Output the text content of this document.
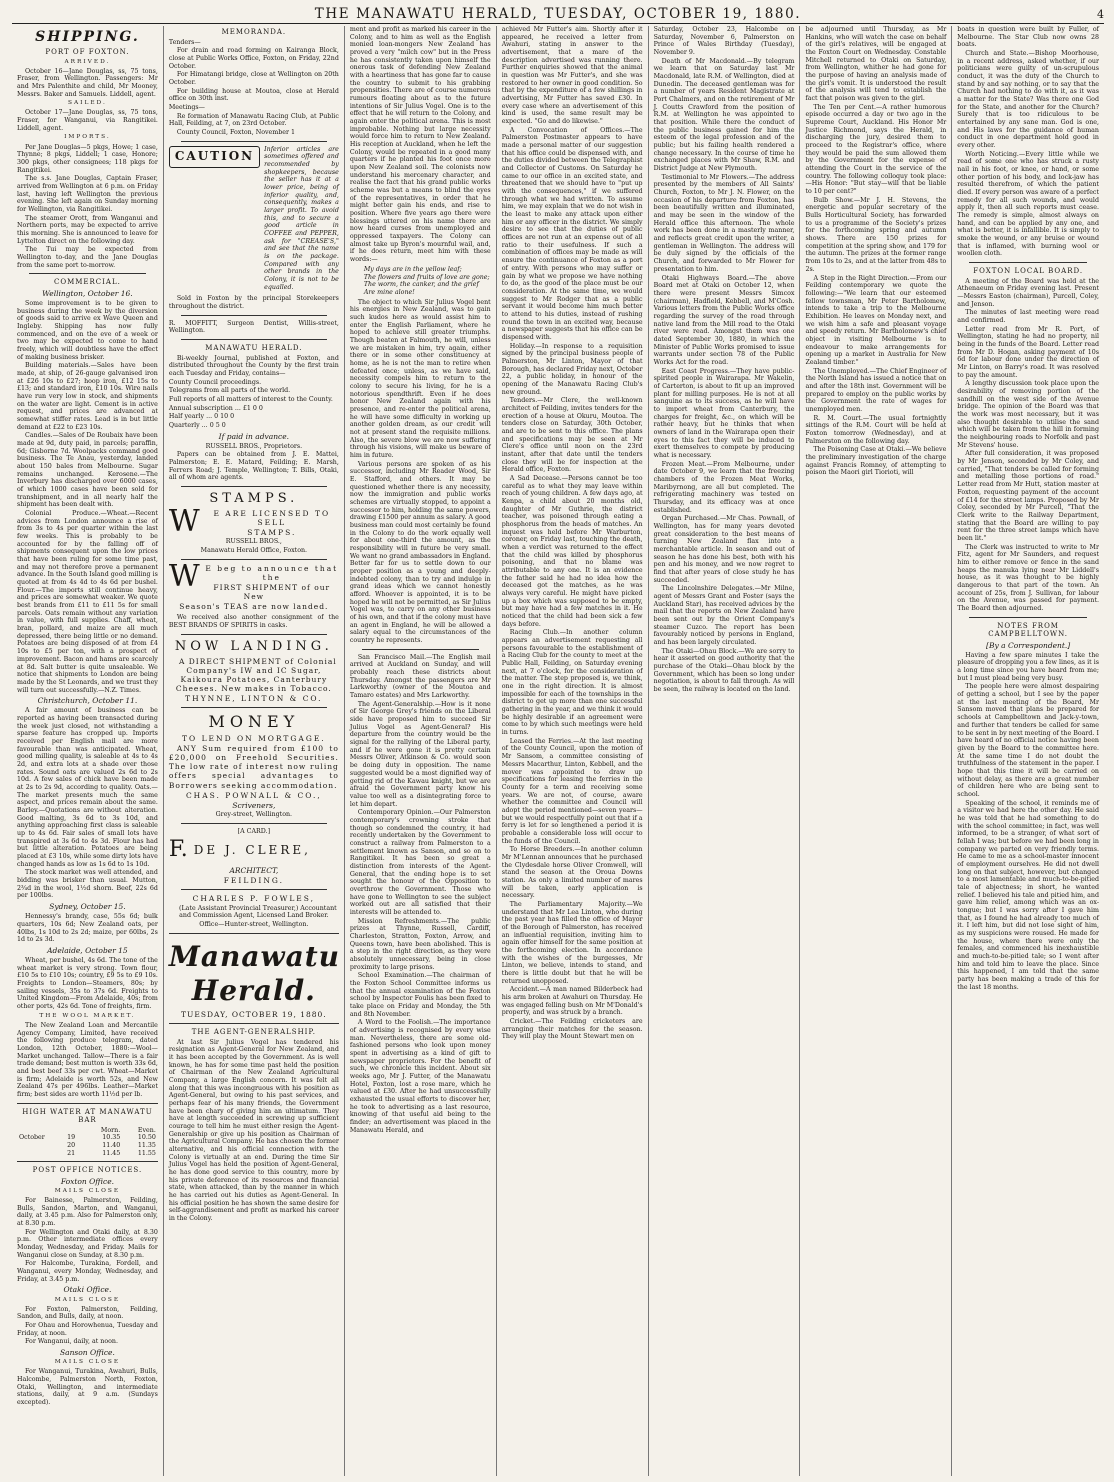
THE MANAWATU HERALD, TUESDAY, OCTOBER 19, 1880.	4
SHIPPING.
PORT OF FOXTON.
ARRIVED.

October 16—Jane Douglas, ss, 75 tons, Fraser, from Wellington. Passengers: Mr and Mrs Palenthite and child, Mr Mooney, Messrs. Baker and Samuels. Liddell, agent.

SAILED.

October 17—Jane Douglas, ss, 75 tons, Fraser, for Wanganui, via Rangitikei. Liddell, agent.

IMPORTS.

Per Jane Douglas—5 pkgs, Howe; 1 case, Thynne; 8 pkgs, Liddell; 1 case, Honore; 300 pkgs, other consignees; 118 pkgs for Rangitikei.

The s.s. Jane Douglas, Captain Fraser, arrived from Wellington at 6 p.m. on Friday last, having left Wellington the previous evening. She left again on Sunday morning for Wellington, via Rangitikei.

The steamer Orott, from Wanganui and Northern ports, may be expected to arrive this morning. She is announced to leave for Lyttelton direct on the following day.

The Tui may be expected from Wellington to-day, and the Jane Douglas from the same port to-morrow.

COMMERCIAL.
Wellington, October 16.

Some improvement is to be given to business during the week by the diversion of goods said to arrive ex Wave Queen and Ingleby. Shipping has now fully commenced, and on the eve of a week or two may be expected to come to hand freely, which will doubtless have the effect of making business brisker.

Building materials.—Sales have been made, at ship, of 26-gauge galvanised iron at £26 10s to £27; hoop iron, £12 15s to £13; and standard iron, £10 10s. Wire nails have run very low in stock, and shipments on the water are light. Cement is in active request, and prices are advanced at somewhat stiffer rates. Lead is in but little demand at £22 to £23 10s.

Candles.—Sales of De Roubaix have been made at 9d, duty paid, in parcels; paraffin, 6d; Gisborne 7d. Woolpacks command good business. The Te Anau, yesterday, landed about 150 bales from Melbourne. Sugar remains unchanged. Kerosene.—The Inverbury has discharged over 6000 cases, of which 1000 cases have been sold for transhipment, and in all nearly half the shipment has been dealt with.

Colonial Produce.—Wheat.—Recent advices from London announce a rise of from 3s to 4s per quarter within the last few weeks. This is probably to be accounted for by the falling off of shipments consequent upon the low prices that have been ruling for some time past, and may not therefore prove a permanent advance. In the South Island good milling is quoted at from 4s 4d to 4s 6d per bushel. Flour.—The imports still continue heavy, and prices are somewhat weaker. We quote best brands from £11 to £11 5s for small parcels. Oats remain without any variation in value, with full supplies. Chaff, wheat, bran, pollard, and maize are all much depressed, there being little or no demand. Potatoes are being disposed of at from £4 10s to £5 per ton, with a prospect of improvement. Bacon and hams are scarcely at 8d. Salt butter is quite unsaleable. We notice that shipments to London are being made by the St Leonards, and we trust they will turn out successfully.—N.Z. Times.

Christchurch, October 11.

A fair amount of business can be reported as having been transacted during the week just closed, not withstanding a sparse feature has cropped up. Imports received per English mail are more favourable than was anticipated. Wheat, good milling quality, is saleable at 4s to 4s 2d, and extra lots at a shade over those rates. Sound oats are valued 2s 6d to 2s 10d. A few sales of chick have been made at 2s to 2s 9d, according to quality. Oats.—The market presents much the same aspect, and prices remain about the same. Barley.—Quotations are without alteration. Good malting, 3s 6d to 3s 10d, and anything approaching first class is saleable up to 4s 6d. Fair sales of small lots have transpired at 3s 6d to 4s 3d. Flour has had but little alteration. Potatoes are being placed at £3 10s, while some dirty lots have changed hands as low as 1s 6d to 1s 10d.

The stock market was well attended, and bidding was brisker than usual. Mutton, 2¾d in the wool, 1½d shorn. Beef, 22s 6d per 100lbs.

Sydney, October 15.

Hennessy's brandy, case, 55s 6d; bulk quarters, 10s 6d; New Zealand oats, per 40lbs, 1s 10d to 2s 2d; maize, per 60lbs, 2s 1d to 2s 3d.

Adelaide, October 15

Wheat, per bushel, 4s 6d. The tone of the wheat market is very strong. Town flour, £10 5s to £10 10s; country, £9 5s to £9 10s. Freights to London—Steamers, 80s; by sailing vessels, 35s to 37s 6d. Freights to United Kingdom—From Adelaide, 40s; from other ports, 42s 6d. Tone of freights, firm.

THE WOOL MARKET.

The New Zealand Loan and Mercantile Agency Company, Limited, have received the following produce telegram, dated London, 12th October, 1880:—Wool—Market unchanged. Tallow—There is a fair trade demand; best mutton is worth 33s 6d, and best beef 33s per cwt. Wheat—Market is firm; Adelaide is worth 52s, and New Zealand 47s per 496lbs. Leather—Market firm; best sides are worth 11½d per lb.

HIGH WATER AT MANAWATU BAR
		Morn.	Even.
October	19	10.35	10.50
	20	11.40	11.35
	21	11.45	11.55
POST OFFICE NOTICES.
Foxton Office.
MAILS CLOSE

For Bainesse, Palmerston, Feilding, Bulls, Sandon, Marton, and Wanganui, daily, at 3.45 p.m. Also for Palmerston only, at 8.30 p.m.

For Wellington and Otaki daily, at 8.30 p.m. Other intermediate offices every Monday, Wednesday, and Friday. Mails for Wanganui close on Sunday, at 8.30 p.m.

For Halcombe, Turakina, Fordell, and Wanganui, every Monday, Wednesday, and Friday, at 3.45 p.m.

Otaki Office.
MAILS CLOSE

For Foxton, Palmerston, Feilding, Sandon, and Bulls, daily, at noon.

For Ohau and Horowhenua, Tuesday and Friday, at noon.

For Wanganui, daily, at noon.

Sanson Office.
MAILS CLOSE

For Wanganui, Turakina, Awahuri, Bulls, Halcombe, Palmerston North, Foxton, Otaki, Wellington, and intermediate stations, daily, at 9 a.m. (Sundays excepted).

MEMORANDA.

Tenders—

For drain and road forming on Kairanga Block, close at Public Works Office, Foxton, on Friday, 22nd October.

For Himatangi bridge, close at Wellington on 20th October.

For building house at Moutoa, close at Herald office on 30th inst.

Meetings—

Re formation of Manawatu Racing Club, at Public Hall, Feilding, at 7, on 23rd October.

County Council, Foxton, November 1

CAUTION	Inferior articles are sometimes offered and recommended by shopkeepers, because the seller has it at a lower price, being of inferior quality, and, consequently, makes a larger profit. To avoid this, and to secure a good article in COFFEE and PEPPER, ask for "CREASE'S," and see that the name is on the package. Compared with any other brands in the Colony, it is not to be equalled.

Sold in Foxton by the principal Storekeepers throughout the district.

R. MOFFITT, Surgeon Dentist, Willis-street, Wellington.

MANAWATU HERALD.

Bi-weekly Journal, published at Foxton, and distributed throughout the County by the first train each Tuesday and Friday, contains—

County Council proceedings.

Telegrams from all parts of the world.

Full reports of all matters of interest to the County.

Annual subscription ... £1 0 0

Half yearly ... 0 10 0

Quarterly ... 0 5 0

If paid in advance.
RUSSELL BROS., Proprietors.

Papers can be obtained from J. E. Mattei, Palmerston; E. E. Matard, Feilding; E. Marsh, Ferrers Road; J. Temple, Wellington; T. Bills, Otaki, all of whom are agents.

STAMPS.
W E ARE LICENSED TO SELL
STAMPS.
RUSSELL BROS.,
Manawatu Herald Office, Foxton.
W E beg to announce that the
FIRST SHIPMENT of our New
Season's TEAS are now landed.

We received also another consignment of the BEST BRANDS OF SPIRITS in casks.

NOW LANDING.

A DIRECT SHIPMENT of Colonial Company's IW and IC Sugar, Kaikoura Potatoes, Canterbury Cheeses. New makes in Tobacco.

THYNNE, LINTON & CO.
MONEY
TO LEND ON MORTGAGE.

ANY Sum required from £100 to £20,000 on Freehold Securities. The low rate of interest now ruling offers special advantages to Borrowers seeking accommodation.

CHAS. POWNALL & CO.,
Scriveners,
Grey-street, Wellington.
[A CARD.]
F. DE J. CLERE,
ARCHITECT,
FEILDING.
CHARLES P. FOWLES,

(Late Assistant Provincial Treasurer,) Accountant and Commission Agent, Licensed Land Broker.

Office—Hunter-street, Wellington.
Manawatu Herald.
TUESDAY, OCTOBER 19, 1880.
THE AGENT-GENERALSHIP.

At last Sir Julius Vogel has tendered his resignation as Agent-General for New Zealand, and it has been accepted by the Government. As is well known, he has for some time past held the position of Chairman of the New Zealand Agricultural Company, a large English concern. It was felt all along that this was incongruous with his position as Agent-General, but owing to his past services, and perhaps fear of his many friends, the Government have been chary of giving him an ultimatum. They have at length succeeded in screwing up sufficient courage to tell him he must either resign the Agent-Generalship or give up his position as Chairman of the Agricultural Company. He has chosen the former alternative, and his official connection with the Colony is virtually at an end. During the time Sir Julius Vogel has held the position of Agent-General, he has done good service to this country, more by his private deference of its resources and financial state, when attacked, than by the manner in which he has carried out his duties as Agent-General. In his official position he has shown the same desire for self-aggrandisement and profit as marked his career in the Colony.

ment and profit as marked his career in the Colony, and to him as well as the English monied loan-mongers New Zealand has proved a very "milch cow" but in the Press he has consistently taken upon himself the onerous task of defending New Zealand with a heartiness that has gone far to cause the country to submit to his grabbing propensities. There are of course numerous rumours floating about as to the future intentions of Sir Julius Vogel. One is to the effect that he will return to the Colony, and again enter the political arena. This is most improbable. Nothing but large necessity would force him to return to New Zealand. His reception at Auckland, when he left the Colony, would be repeated in a good many quarters if he planted his foot once more upon New Zealand soil. The colonists now understand his mercenary character, and realise the fact that his grand public works scheme was but a means to blind the eyes of the representatives, in order that he might better gain his ends, and rise to position. Where five years ago there were blessings uttered on his name there are now heard curses from unemployed and oppressed taxpayers. The Colony can almost take up Byron's mournful wail, and, if he does return, meet him with these words:—

My days are in the yellow leaf;
The flowers and fruits of love are gone;
The worm, the canker, and the grief
Are mine alone!

The object to which Sir Julius Vogel bent his energies in New Zealand, was to gain such kudos here as would assist him to enter the English Parliament, where he hoped to achieve still greater triumphs. Though beaten at Falmouth, he will, unless we are mistaken in him, try again, either there or in some other constituency at home, as he is not the man to retire when defeated once; unless, as we have said, necessity compels him to return to the colony to secure his living, for he is a notorious spendthrift. Even if he does honor New Zealand again with his presence, and re-enter the political arena, he will have some difficulty in working up another golden dream, as our credit will not at present stand the requisite millions. Also, the severe blow we are now suffering through his visions, will make us beware of him in future.

Various persons are spoken of as his successor, including Mr Reader Wood, Sir E. Stafford, and others. It may be questioned whether there is any necessity, now the immigration and public works schemes are virtually stopped, to appoint a successor to him, holding the same powers, drawing £1500 per annum as salary. A good business man could most certainly be found in the Colony to do the work equally well for about one-third the amount, as the responsibility will in future be very small. We want no grand ambassadors in England. Better far for us to settle down to our proper position as a young and deeply-indebted colony, than to try and indulge in grand ideas which we cannot honestly afford. Whoever is appointed, it is to be hoped he will not be permitted, as Sir Julius Vogel was, to carry on any other business of his own, and that if the colony must have an agent in England, he will be allowed a salary equal to the circumstances of the country he represents.

San Francisco Mail.—The English mail arrived at Auckland on Sunday, and will probably reach these districts about Thursday. Amongst the passengers are Mr Larkworthy (owner of the Moutoa and Tamaro estates) and Mrs Larkworthy.

The Agent-Generalship.—How is it none of Sir George Grey's friends on the Liberal side have proposed him to succeed Sir Julius Vogel as Agent-General? His departure from the country would be the signal for the rallying of the Liberal party, and if he were gone it is pretty certain Messrs Oliver, Atkinson & Co. would soon be doing duty in opposition. The name suggested would be a most dignified way of getting rid of the Kawau knight, but we are afraid the Government party know his value too well as a disintegrating force to let him depart.

Contemporary Opinion.—Our Palmerston contemporary's crowning stroke that though so condemned the country, it had recently undertaken by the Government to construct a railway from Palmerston to a settlement known as Sanson, and so on to Rangitikei. It has been so great a distinction from interests of the Agent-General, that the ending hope is to set sought the honour of the Opposition to overthrow the Government. Those who have gone to Wellington to see the subject worked out are all satisfied that their interests will be attended to.

Mission Refreshments.—The public prizes at Thynne, Russell, Cardiff, Charleston, Stratton, Foxton, Arrow, and Queens town, have been abolished. This is a step in the right direction, as they were absolutely unnecessary, being in close proximity to large prisons.

School Examination.—The chairman of the Foxton School Committee informs us that the annual examination of the Foxton school by Inspector Foulis has been fixed to take place on Friday and Monday, the 5th and 8th November.

A Word to the Foolish.—The importance of advertising is recognised by every wise man. Nevertheless, there are some old-fashioned persons who look upon money spent in advertising as a kind of gift to newspaper proprietors. For the benefit of such, we chronicle this incident. About six weeks ago, Mr J. Futter, of the Manawatu Hotel, Foxton, lost a rose mare, which he valued at £30. After he had unsuccessfully exhausted the usual efforts to discover her, he took to advertising as a last resource, knowing of that useful aid being to the finder; an advertisement was placed in the Manawatu Herald, and

achieved Mr Futter's aim. Shortly after it appeared, he received a letter from Awahuri, stating in answer to the advertisement, that a mare of the description advertised was running there. Further enquiries showed that the animal in question was Mr Futter's, and she was restored to her owner in good condition. So that by the expenditure of a few shillings in advertising, Mr Futter has saved £30. In every case where an advertisement of this kind is used, the same result may be expected. "Go and do likewise."

A Convocation of Offices.—The Palmerston Postmaster appears to have made a personal matter of our suggestion that his office could be dispensed with, and the duties divided between the Telegraphist and Collector of Customs. On Saturday he came to our office in an excited state, and threatened that we should have to "put up with the consequences," if we suffered through what we had written. To assume him, we may explain that we do not wish in the least to make any attack upon either him or any officer in the district. We simply desire to see that the duties of public offices are not run at an expense out of all ratio to their usefulness. If such a combination of offices may be made as will ensure the continuance of Foxton as a port of entry. With persons who may suffer or gain by what we propose we have nothing to do, as the good of the place must be our consideration. At the same time, we would suggest to Mr Rodger that as a public servant it would become him much better to attend to his duties, instead of rushing round the town in an excited way, because a newspaper suggests that his office can be dispensed with.

Holiday.—In response to a requisition signed by the principal business people of Palmerston, Mr Linton, Mayor of that Borough, has declared Friday next, October 22, a public holiday, in honour of the opening of the Manawatu Racing Club's new ground.

Tenders.—Mr Clere, the well-known architect of Feilding, invites tenders for the erection of a house at Okuru, Moutoa. The tenders close on Saturday, 30th October, and are to be sent to this office. The plans and specifications may be seen at Mr Clere's office until noon on the 23rd instant, after that date until the tenders close they will be for inspection at the Herald office, Foxton.

A Sad Decease.—Persons cannot be too careful as to what they may leave within reach of young children. A few days ago, at Kenpa, a child about 20 months old, daughter of Mr Guthrie, the district teacher, was poisoned through eating a phosphorus from the heads of matches. An inquest was held before Mr Warburton, coroner, on Friday last, touching the death, when a verdict was returned to the effect that the child was killed by phosphorus poisoning, and that no blame was attributable to any one. It is an evidence the father said he had no idea how the deceased got the matches, as he was always very careful. He might have picked up a box which was supposed to be empty, but may have had a few matches in it. He noticed that the child had been sick a few days before.

Racing Club.—In another column appears an advertisement requesting all persons favourable to the establishment of a Racing Club for the county to meet at the Public Hall, Feilding, on Saturday evening next, at 7 o'clock, for the consideration of the matter. The step proposed is, we think, one in the right direction. It is almost impossible for each of the townships in the district to get up more than one successful gathering in the year, and we think it would be highly desirable if an agreement were come to by which such meetings were held in turns.

Leased the Ferries.—At the last meeting of the County Council, upon the motion of Mr Sansom, a committee consisting of Messrs Macarthur, Linton, Kebbell, and the mover was appointed to draw up specifications for leasing the ferries in the County for a term and receiving some years. We are not, of course, aware whether the committee and Council will adopt the period mentioned—seven years—but we would respectfully point out that if a ferry is let for so lengthened a period it is probable a considerable loss will occur to the funds of the Council.

To Horse Breeders.—In another column Mr M'Lennan announces that he purchased the Clydesdale horse Oliver Cromwell, will stand the season at the Oroua Downs station. As only a limited number of mares will be taken, early application is necessary.

The Parliamentary Majority.—We understand that Mr Lea Linton, who during the past year has filled the office of Mayor of the Borough of Palmerston, has received an influential requisition, inviting him to again offer himself for the same position at the forthcoming election. In accordance with the wishes of the burgesses, Mr Linton, we believe, intends to stand, and there is little doubt but that he will be returned unopposed.

Accident.—A man named Bilderbeck had his arm broken at Awahuri on Thursday. He was engaged felling bush on Mr M'Donald's property, and was struck by a branch.

Cricket.—The Feilding cricketers are arranging their matches for the season. They will play the Mount Stewart men on

Saturday, October 23, Halcombe on Saturday, November 6, Palmerston on Prince of Wales Birthday (Tuesday), November 9.

Death of Mr Macdonald.—By telegram we learn that on Saturday last Mr Macdonald, late R.M. of Wellington, died at Dunedin. The deceased gentleman was for a number of years Resident Magistrate at Port Chalmers, and on the retirement of Mr J. Coutts Crawford from the position of R.M. at Wellington he was appointed to that position. While there the conduct of the public business gained for him the esteem of the legal profession and of the public; but his failing health rendered a change necessary. In the course of time he exchanged places with Mr Shaw, R.M. and District Judge at New Plymouth.

Testimonial to Mr Flowers.—The address presented by the members of All Saints' Church, Foxton, to Mr J. N. Flower, on the occasion of his departure from Foxton, has been beautifully written and illuminated, and may be seen in the window of the Herald office this afternoon. The whole work has been done in a masterly manner, and reflects great credit upon the writer, a gentleman in Wellington. The address will be duly signed by the officials of the Church, and forwarded to Mr Flower for presentation to him.

Otaki Highways Board.—The above Board met at Otaki on October 12, when there were present Messrs Simcox (chairman), Hadfield, Kebbell, and M'Cosh. Various letters from the Public Works office regarding the survey of the road through native land from the Mill road to the Otaki river were read. Amongst them was one dated September 30, 1880, in which the Minister of Public Works promised to issue warrants under section 78 of the Public Works Act for the road.

East Coast Progress.—They have public-spirited people in Wairarapa. Mr Wakelin, of Carterton, is about to fit up an improved plant for milling purposes. He is not at all sanguine as to its success, as he will have to import wheat from Canterbury, the charges for freight, &c., on which will be rather heavy, but he thinks that when owners of land in the Wairarapa open their eyes to this fact they will be induced to exert themselves to compete by producing what is necessary.

Frozen Meat.—From Melbourne, under date October 9, we learn that the freezing chambers of the Frozen Meat Works, Maribyrnong, are all but completed. The refrigerating machinery was tested on Thursday, and its efficacy was at once established.

Organ Purchased.—Mr Chas. Pownall, of Wellington, has for many years devoted great consideration to the best means of turning New Zealand flax into a merchantable article. In season and out of season he has done his best, both with his pen and his money, and we now regret to find that after years of close study he has succeeded.

The Lincolnshire Delegates.—Mr Milne, agent of Messrs Grant and Foster (says the Auckland Star), has received advices by the mail that the reports on New Zealand have been sent out by the Orient Company's steamer Cuzco. The report has been favourably noticed by persons in England, and has been largely circulated.

The Otaki—Ohau Block.—We are sorry to hear it asserted on good authority that the purchase of the Otaki—Ohau block by the Government, which has been so long under negotiation, is about to fall through. As will be seen, the railway is located on the land.

be adjourned until Thursday, as Mr Hankins, who will watch the case on behalf of the girl's relatives, will be engaged at the Foxton Court on Wednesday. Constable Mitchell returned to Otaki on Saturday, from Wellington, whither he had gone for the purpose of having an analysis made of the girl's vomit. It is understood the result of the analysis will tend to establish the fact that poison was given to the girl.

The Ten per Cent.—A rather humorous episode occurred a day or two ago in the Supreme Court, Auckland. His Honor Mr Justice Richmond, says the Herald, in discharging the jury, desired them to proceed to the Registrar's office, where they would be paid the sum allowed them by the Government for the expense of attending the Court in the service of the country. The following colloquy took place:—His Honor: "But stay—will that be liable to 10 per cent?"

Bulb Show.—Mr J. H. Stevens, the energetic and popular secretary of the Bulls Horticultural Society, has forwarded to us a programme of the Society's prizes for the forthcoming spring and autumn shows. There are 150 prizes for competition at the spring show, and 179 for the autumn. The prizes at the former range from 10s to 2s, and at the latter from 48s to 2s.

A Step in the Right Direction.—From our Feilding contemporary we quote the following:—"We learn that our esteemed fellow townsman, Mr Peter Bartholomew, intends to take a trip to the Melbourne Exhibition. He leaves on Monday next, and we wish him a safe and pleasant voyage and speedy return. Mr Bartholomew's chief object in visiting Melbourne is to endeavour to make arrangements for opening up a market in Australia for New Zealand timber."

The Unemployed.—The Chief Engineer of the North Island has issued a notice that on and after the 18th inst. Government will be prepared to employ on the public works by the Government the rate of wages for unemployed men.

R. M. Court.—The usual fortnightly sittings of the R.M. Court will be held at Foxton tomorrow (Wednesday), and at Palmerston on the following day.

The Poisoning Case at Otaki.—We believe the preliminary investigation of the charge against Francis Romney, of attempting to poison the Maori girl Tiorioti, will

boats in question were built by Fuller, of Melbourne. The Star Club now owns 28 boats.

Church and State.—Bishop Moorhouse, in a recent address, asked whether, if our politicians were guilty of un-scrupulous conduct, it was the duty of the Church to stand by and say nothing, or to say that the Church had nothing to do with it, as it was a matter for the State? Was there one God for the State, and another for the Church? Surely that is too ridiculous to be entertained by any sane man. God is one, and His laws for the guidance of human conduct in one department hold good in every other.

Worth Noticing.—Every little while we read of some one who has struck a rusty nail in his foot, or knee, or hand, or some other portion of his body, and lock-jaw has resulted therefrom, of which the patient died. If every person was aware of a perfect remedy for all such wounds, and would apply it, then all such reports must cease. The remedy is simple, almost always on hand, and can be applied by any one, and what is better, it is infallible. It is simply to smoke the wound, or any bruise or wound that is inflamed, with burning wool or woollen cloth.

FOXTON LOCAL BOARD.

A meeting of the Board was held at the Athenaeum on Friday evening last. Present—Messrs Easton (chairman), Purcell, Coley, and Jenson.

The minutes of last meeting were read and confirmed.

Letter read from Mr R. Port, of Wellington, stating he had no property, nil being in the funds of the Board. Letter read from Mr D. Hogan, asking payment of 10s 6d for labour done under the direction of Mr Linton, on Barry's road. It was resolved to pay the amount.

A lengthy discussion took place upon the desirability of removing portion of the sandhill on the west side of the Avenue bridge. The opinion of the Board was that the work was most necessary, but it was also thought desirable to utilise the sand which will be taken from the hill in forming the neighbouring roads to Norfolk and past Mr Stevens' house.

After full consideration, it was proposed by Mr Jenson, seconded by Mr Coley, and carried, "That tenders be called for forming and metalling those portions of road." Letter read from Mr Hutt, station master at Foxton, requesting payment of the account of £14 for the street lamps. Proposed by Mr Coley, seconded by Mr Purcell, "That the Clerk write to the Railway Department, stating that the Board are willing to pay rent for the three street lamps which have been lit."

The Clerk was instructed to write to Mr Fitz, agent for Mr Saunders, and request him to either remove or fence in the sand heaps the manuka lying near Mr Liddell's house, as it was thought to be highly dangerous to that part of the town. An account of 25s, from J. Sullivan, for labour on the Avenue, was passed for payment. The Board then adjourned.

NOTES FROM CAMPBELLTOWN.
[By a Correspondent.]

Having a few spare minutes I take the pleasure of dropping you a few lines, as it is a long time since you have heard from me; but I must plead being very busy.

The people here were almost despairing of getting a school, but I see by the paper at the last meeting of the Board, Mr Sansom moved that plans be prepared for schools at Campbelltown and Jack-y-town, and further that tenders be called for same to be sent in by next meeting of the Board. I have heard of no official notice having been given by the Board to the committee here. At the same time I do not doubt the truthfulness of the statement in the paper. I hope that this time it will be carried on without delay, as there are a great number of children here who are being sent to school.

Speaking of the school, it reminds me of a visitor we had here the other day. He said he was told that he had something to do with the school committee; in fact, was well informed, to be a stranger, of what sort of fellah I was; but before we had been long in company we parted on very friendly terms. He came to me as a school-master innocent of employment ourselves. He did not dwell long on that subject, however, but changed to a most lamentable and much-to-be-pitied tale of abjectness; in short, he wanted relief. I believed his tale and pitied him, and gave him relief, among which was an ox-tongue; but I was sorry after I gave him that, as I found he had already too much of it. I left him, but did not lose sight of him, as my suspicions were roused. He made for the house, where there were only the females, and commenced his inexhaustible and much-to-be-pitied tale; so I went after him and told him to leave the place. Since this happened, I am told that the same party has been making a trade of this for the last 18 months.
